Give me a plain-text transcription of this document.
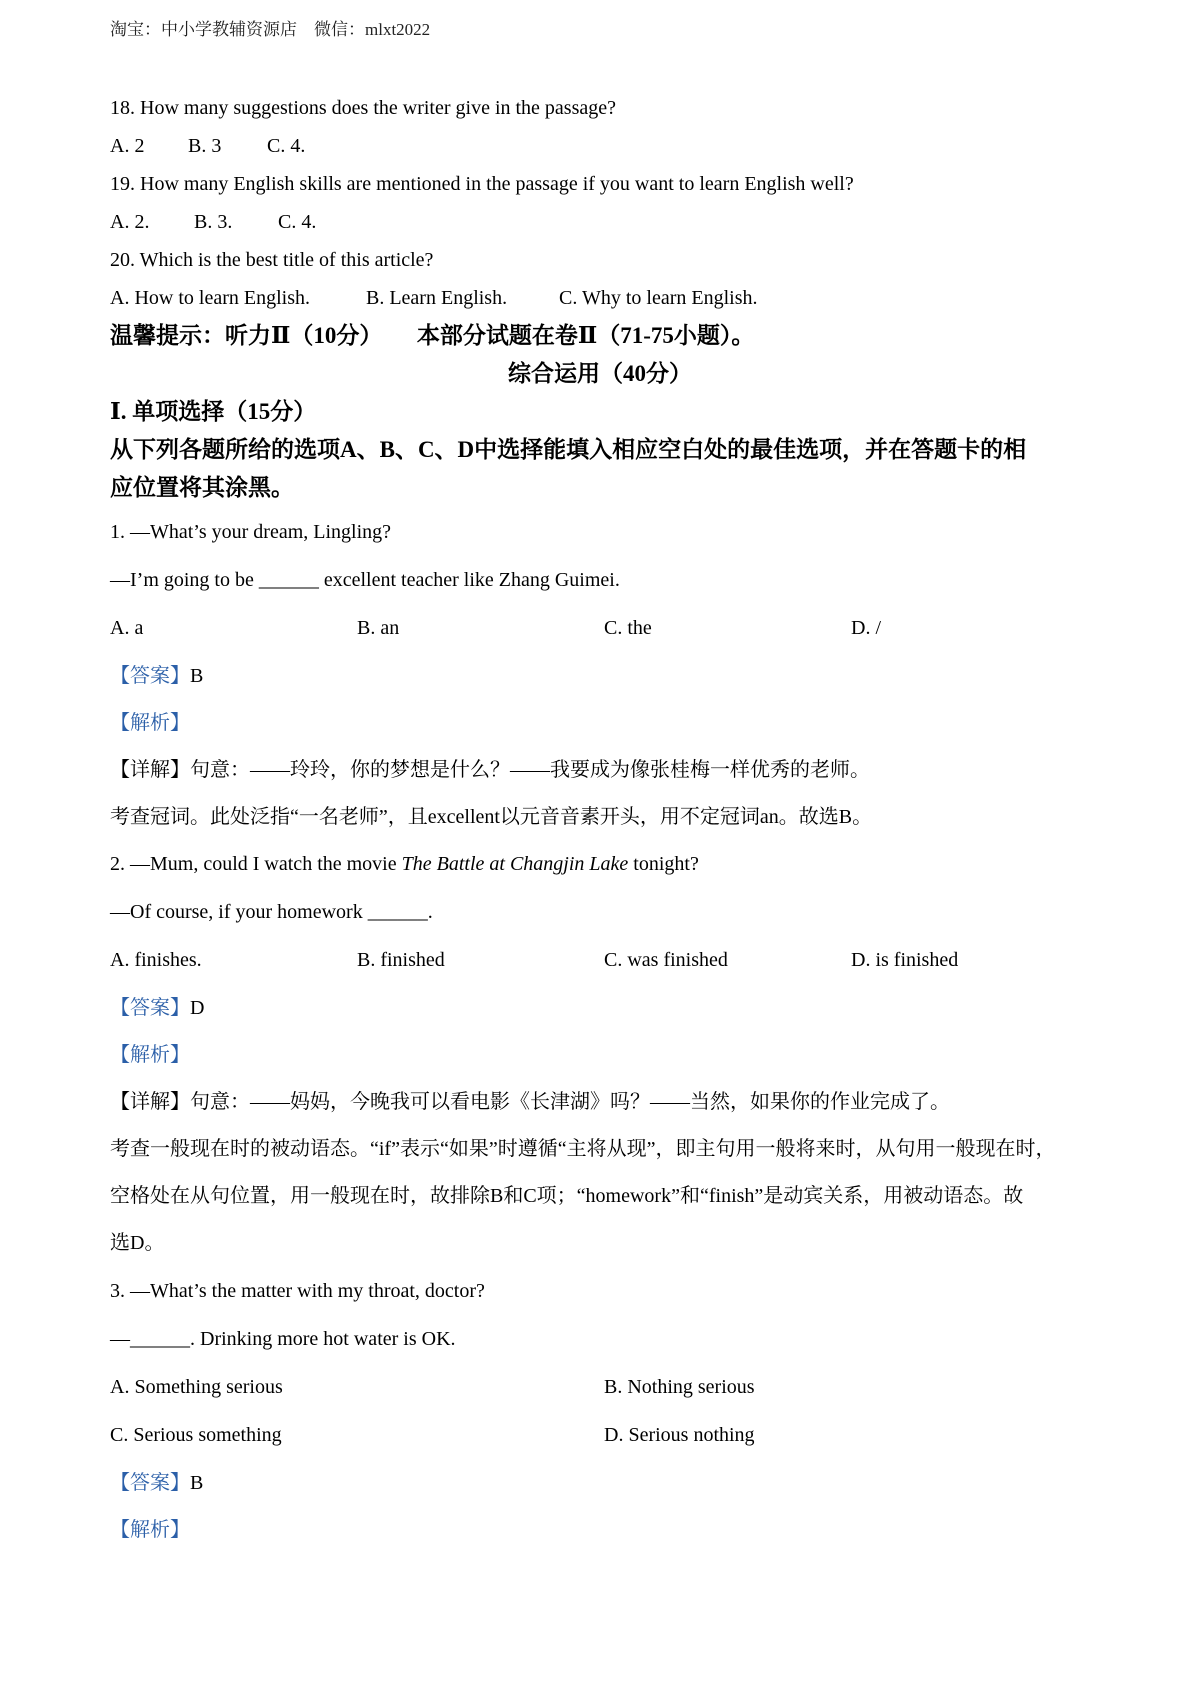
淘宝：中小学教辅资源店　微信：mlxt2022
18. How many suggestions does the writer give in the passage?
A. 2 B. 3 C. 4.
19. How many English skills are mentioned in the passage if you want to learn English well?
A. 2. B. 3. C. 4.
20. Which is the best title of this article?
A. How to learn English.	B. Learn English.	C. Why to learn English.
温馨提示：听力Ⅱ（10分）　　本部分试题在卷Ⅱ（71-75小题）。
综合运用（40分）
Ⅰ. 单项选择（15分）
从下列各题所给的选项A、B、C、D中选择能填入相应空白处的最佳选项，并在答题卡的相
应位置将其涂黑。
1. —What’s your dream, Lingling?
—I’m going to be ______ excellent teacher like Zhang Guimei.
A. a	B. an	C. the	D. /
【答案】B
【解析】
【详解】句意：——玲玲，你的梦想是什么？——我要成为像张桂梅一样优秀的老师。
考查冠词。此处泛指“一名老师”，且excellent以元音音素开头，用不定冠词an。故选B。
2. —Mum, could I watch the movie The Battle at Changjin Lake tonight?
—Of course, if your homework ______.
A. finishes.	B. finished	C. was finished	D. is finished
【答案】D
【解析】
【详解】句意：——妈妈，今晚我可以看电影《长津湖》吗？——当然，如果你的作业完成了。
考查一般现在时的被动语态。“if”表示“如果”时遵循“主将从现”，即主句用一般将来时，从句用一般现在时，
空格处在从句位置，用一般现在时，故排除B和C项；“homework”和“finish”是动宾关系，用被动语态。故
选D。
3. —What’s the matter with my throat, doctor?
—______. Drinking more hot water is OK.
A. Something serious	B. Nothing serious
C. Serious something	D. Serious nothing
【答案】B
【解析】
